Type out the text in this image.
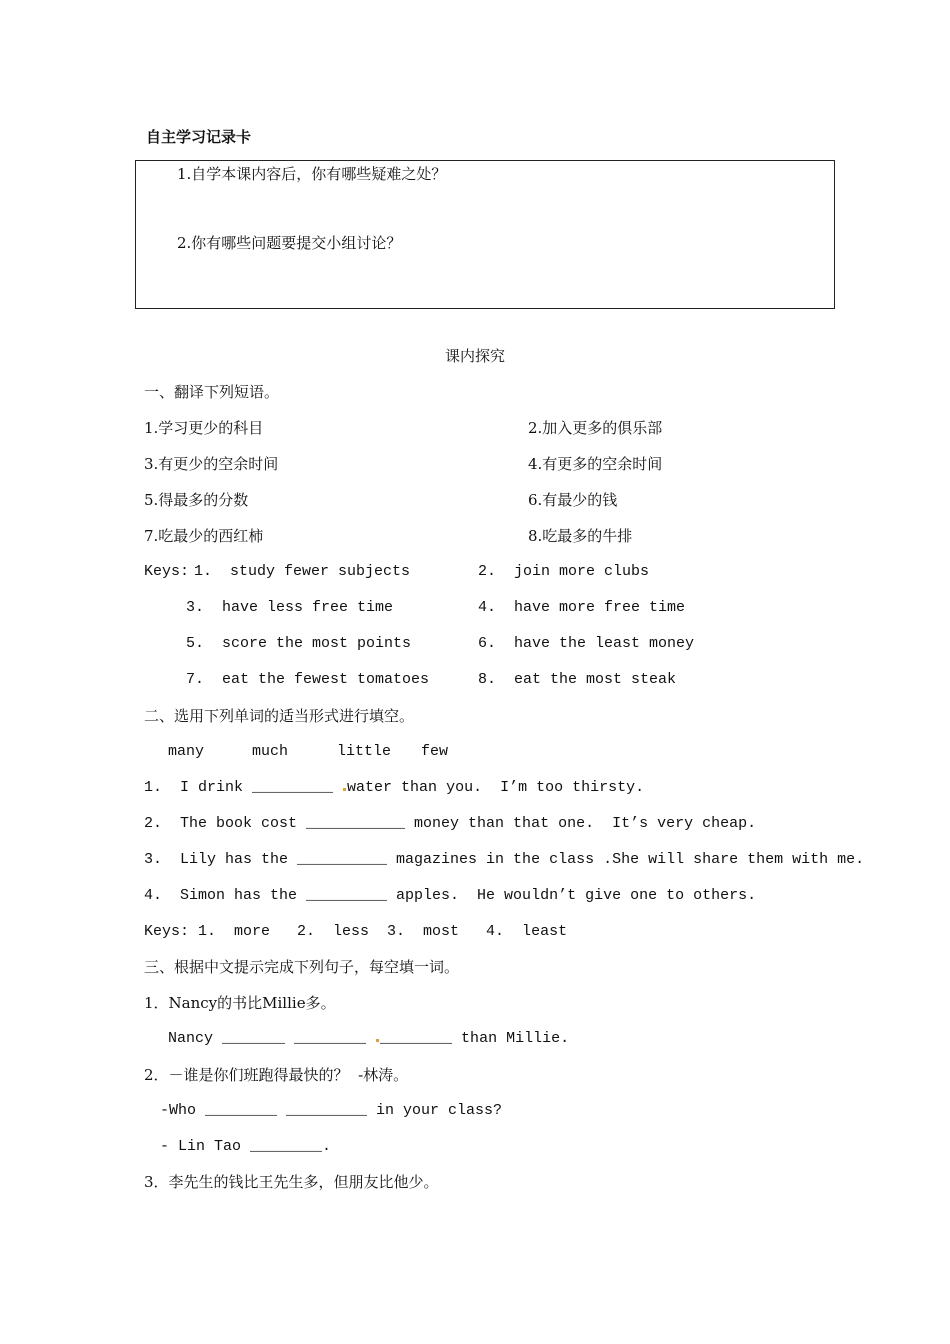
自主学习记录卡
1.自学本课内容后，你有哪些疑难之处？
2.你有哪些问题要提交小组讨论？
课内探究
一、翻译下列短语。
1.学习更少的科目	2.加入更多的俱乐部
3.有更少的空余时间	4.有更多的空余时间
5.得最多的分数	6.有最少的钱
7.吃最少的西红柿	8.吃最多的牛排
Keys: 1.  study fewer subjects	2.  join more clubs
3.  have less free time	4.  have more free time
5.  score the most points	6.  have the least money
7.  eat the fewest tomatoes	8.  eat the most steak
二、选用下列单词的适当形式进行填空。
many	much	little few
1.  I drink _________ water than you.  I’m too thirsty.
2.  The book cost ___________ money than that one.  It’s very cheap.
3.  Lily has the __________ magazines in the class .She will share them with me.
4.  Simon has the _________ apples.  He wouldn’t give one to others.
Keys: 1.  more   2.  less  3.  most   4.  least
三、根据中文提示完成下列句子，每空填一词。
1．Nancy的书比Millie多。
Nancy _______ ________ ________ than Millie.
2．－谁是你们班跑得最快的？  -林涛。
-Who ________ _________ in your class?
- Lin Tao ________.
3．李先生的钱比王先生多，但朋友比他少。
